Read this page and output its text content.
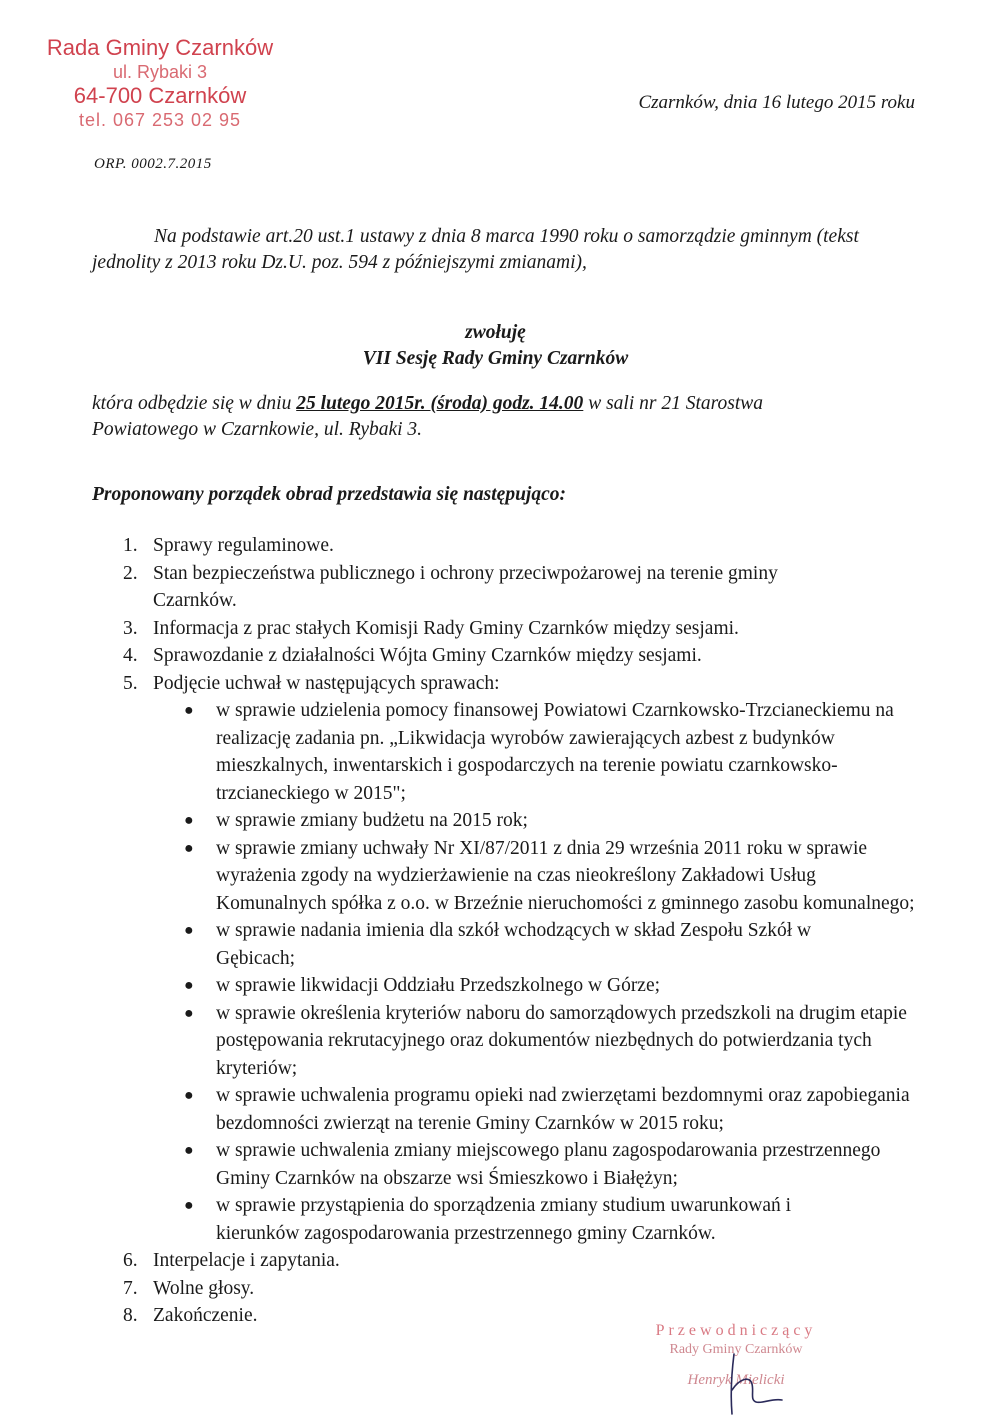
Rada Gminy Czarnków
ul. Rybaki 3
64-700 Czarnków
tel. 067 253 02 95
Czarnków, dnia 16 lutego 2015 roku
ORP. 0002.7.2015
Na podstawie art.20 ust.1 ustawy z dnia 8 marca 1990 roku o samorządzie gminnym (tekst
jednolity z 2013 roku Dz.U. poz. 594 z późniejszymi zmianami),
zwołuję
VII Sesję Rady Gminy Czarnków
która odbędzie się w dniu 25 lutego 2015r. (środa) godz. 14.00 w sali nr 21 Starostwa
Powiatowego w Czarnkowie, ul. Rybaki 3.
Proponowany porządek obrad przedstawia się następująco:
1. Sprawy regulaminowe.
2. Stan bezpieczeństwa publicznego i ochrony przeciwpożarowej na terenie gminy Czarnków.
3. Informacja z prac stałych Komisji Rady Gminy Czarnków między sesjami.
4. Sprawozdanie z działalności Wójta Gminy Czarnków między sesjami.
5. Podjęcie uchwał w następujących sprawach:
●	w sprawie udzielenia pomocy finansowej Powiatowi Czarnkowsko-Trzcianeckiemu na realizację zadania pn. „Likwidacja wyrobów zawierających azbest z budynków mieszkalnych, inwentarskich i gospodarczych na terenie powiatu czarnkowsko-trzcianeckiego w 2015";
●	w sprawie zmiany budżetu na 2015 rok;
●	w sprawie zmiany uchwały Nr XI/87/2011 z dnia 29 września 2011 roku w sprawie wyrażenia zgody na wydzierżawienie na czas nieokreślony Zakładowi Usług Komunalnych spółka z o.o. w Brzeźnie nieruchomości z gminnego zasobu komunalnego;
●	w sprawie nadania imienia dla szkół wchodzących w skład Zespołu Szkół w Gębicach;
●	w sprawie likwidacji Oddziału Przedszkolnego w Górze;
●	w sprawie określenia kryteriów naboru do samorządowych przedszkoli na drugim etapie postępowania rekrutacyjnego oraz dokumentów niezbędnych do potwierdzania tych kryteriów;
●	w sprawie uchwalenia programu opieki nad zwierzętami bezdomnymi oraz zapobiegania bezdomności zwierząt na terenie Gminy Czarnków w 2015 roku;
●	w sprawie uchwalenia zmiany miejscowego planu zagospodarowania przestrzennego Gminy Czarnków na obszarze wsi Śmieszkowo i Białężyn;
●	w sprawie przystąpienia do sporządzenia zmiany studium uwarunkowań i kierunków zagospodarowania przestrzennego gminy Czarnków.
6. Interpelacje i zapytania.
7. Wolne głosy.
8. Zakończenie.
Przewodniczący
Rady Gminy Czarnków
Henryk Mielicki
